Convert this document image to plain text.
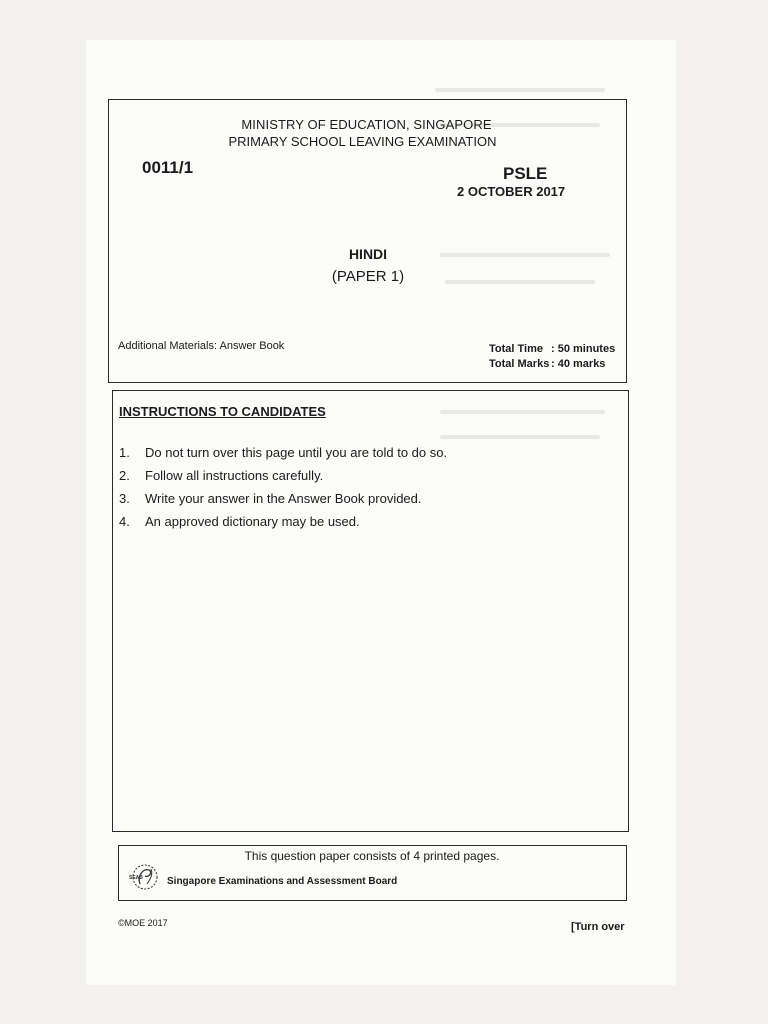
MINISTRY OF EDUCATION, SINGAPORE
PRIMARY SCHOOL LEAVING EXAMINATION
0011/1	PSLE
2 OCTOBER 2017
HINDI
(PAPER 1)
Additional Materials: Answer Book	Total Time : 50 minutes
Total Marks : 40 marks
INSTRUCTIONS TO CANDIDATES
1.	Do not turn over this page until you are told to do so.
2.	Follow all instructions carefully.
3.	Write your answer in the Answer Book provided.
4.	An approved dictionary may be used.
This question paper consists of 4 printed pages.
SEAB Singapore Examinations and Assessment Board
©MOE 2017	[Turn over
